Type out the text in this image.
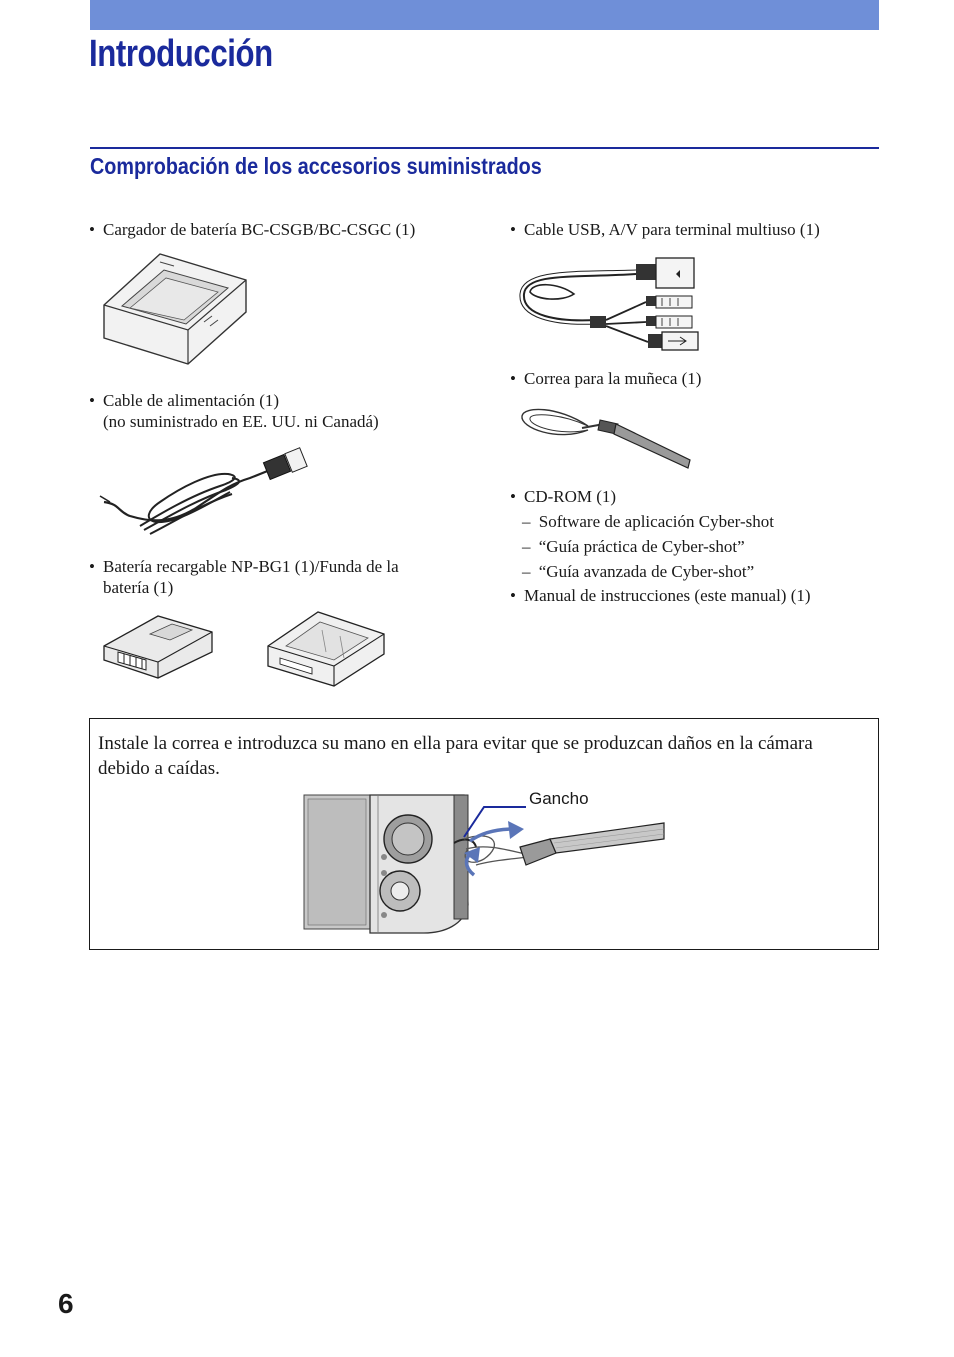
Introducción
Comprobación de los accesorios suministrados
• Cargador de batería BC-CSGB/BC-CSGC (1)
• Cable de alimentación (1)
(no suministrado en EE. UU. ni Canadá)
• Batería recargable NP-BG1 (1)/Funda de la
batería (1)
• Cable USB, A/V para terminal multiuso (1)
• Correa para la muñeca (1)
• CD-ROM (1)
– Software de aplicación Cyber-shot
– “Guía práctica de Cyber-shot”
– “Guía avanzada de Cyber-shot”
• Manual de instrucciones (este manual) (1)
Instale la correa e introduzca su mano en ella para evitar que se produzcan daños en la cámara debido a caídas.
Gancho
6
